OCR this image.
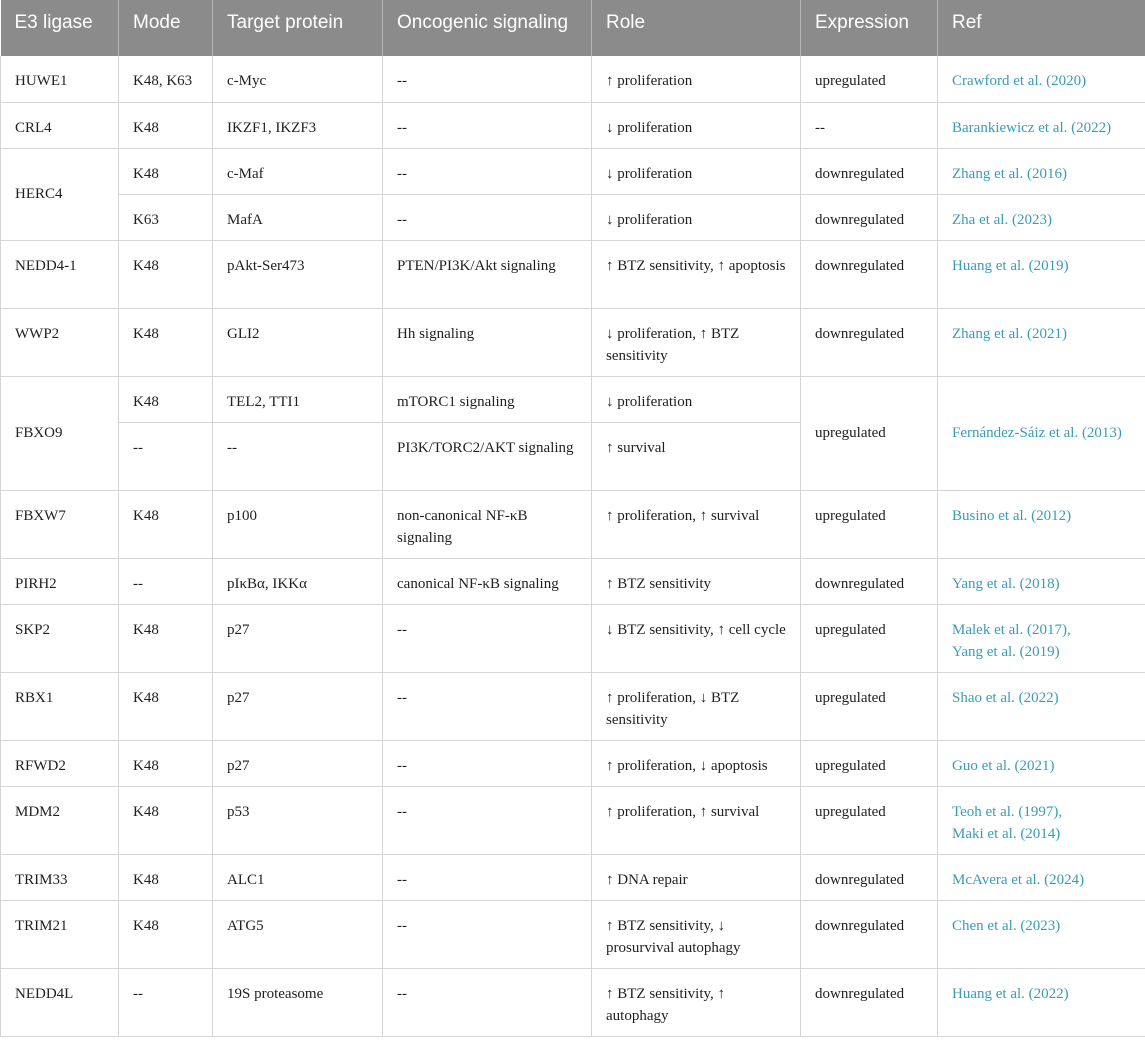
E3 ligase	Mode	Target protein	Oncogenic signaling	Role	Expression	Ref
HUWE1	K48, K63	c-Myc	--	↑ proliferation	upregulated	Crawford et al. (2020)
CRL4	K48	IKZF1, IKZF3	--	↓ proliferation	--	Barankiewicz et al. (2022)
HERC4	K48	c-Maf	--	↓ proliferation	downregulated	Zhang et al. (2016)
	K63	MafA	--	↓ proliferation	downregulated	Zha et al. (2023)
NEDD4-1	K48	pAkt-Ser473	PTEN/PI3K/Akt signaling	↑ BTZ sensitivity, ↑ apoptosis	downregulated	Huang et al. (2019)
WWP2	K48	GLI2	Hh signaling	↓ proliferation, ↑ BTZ sensitivity	downregulated	Zhang et al. (2021)
FBXO9	K48	TEL2, TTI1	mTORC1 signaling	↓ proliferation	upregulated	Fernández-Sáiz et al. (2013)
	--	--	PI3K/TORC2/AKT signaling	↑ survival		
FBXW7	K48	p100	non-canonical NF-κB signaling	↑ proliferation, ↑ survival	upregulated	Busino et al. (2012)
PIRH2	--	pIκBα, IKKα	canonical NF-κB signaling	↑ BTZ sensitivity	downregulated	Yang et al. (2018)
SKP2	K48	p27	--	↓ BTZ sensitivity, ↑ cell cycle	upregulated	Malek et al. (2017),
Yang et al. (2019)

RBX1	K48	p27	--	↑ proliferation, ↓ BTZ sensitivity	upregulated	Shao et al. (2022)
RFWD2	K48	p27	--	↑ proliferation, ↓ apoptosis	upregulated	Guo et al. (2021)
MDM2	K48	p53	--	↑ proliferation, ↑ survival	upregulated	Teoh et al. (1997),
Maki et al. (2014)

TRIM33	K48	ALC1	--	↑ DNA repair	downregulated	McAvera et al. (2024)
TRIM21	K48	ATG5	--	↑ BTZ sensitivity, ↓ prosurvival autophagy	downregulated	Chen et al. (2023)
NEDD4L	--	19S proteasome	--	↑ BTZ sensitivity, ↑ autophagy	downregulated	Huang et al. (2022)
